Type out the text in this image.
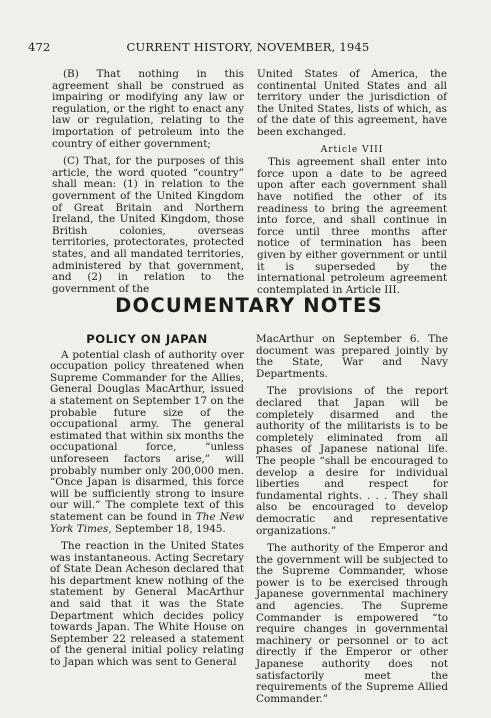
472	CURRENT HISTORY, NOVEMBER, 1945

(B) That nothing in this agreement shall be construed as impairing or modifying any law or regulation, or the right to enact any law or regulation, relating to the importation of petroleum into the country of either government;

(C) That, for the purposes of this article, the word quoted “country” shall mean: (1) in relation to the government of the United Kingdom of Great Britain and Northern Ireland, the United Kingdom, those British colonies, overseas territories, protectorates, protected states, and all mandated territories, administered by that government, and (2) in relation to the government of the

United States of America, the continental United States and all territory under the jurisdiction of the United States, lists of which, as of the date of this agreement, have been exchanged.

Article VIII

This agreement shall enter into force upon a date to be agreed upon after each government shall have notified the other of its readiness to bring the agreement into force, and shall continue in force until three months after notice of termination has been given by either government or until it is superseded by the international petroleum agreement contemplated in Article III.

DOCUMENTARY NOTES
POLICY ON JAPAN

A potential clash of authority over occupation policy threatened when Supreme Commander for the Allies, General Douglas MacArthur, issued a statement on September 17 on the probable future size of the occupational army. The general estimated that within six months the occupational force, “unless unforeseen factors arise,” will probably number only 200,000 men. “Once Japan is disarmed, this force will be sufficiently strong to insure our will.” The complete text of this statement can be found in The New York Times, September 18, 1945.

The reaction in the United States was instantaneous. Acting Secretary of State Dean Acheson declared that his department knew nothing of the statement by General MacArthur and said that it was the State Department which decides policy towards Japan. The White House on September 22 released a statement of the general initial policy relating to Japan which was sent to General

MacArthur on September 6. The document was prepared jointly by the State, War and Navy Departments.

The provisions of the report declared that Japan will be completely disarmed and the authority of the militarists is to be completely eliminated from all phases of Japanese national life. The people “shall be encouraged to develop a desire for individual liberties and respect for fundamental rights. . . . They shall also be encouraged to develop democratic and representative organizations.”

The authority of the Emperor and the government will be subjected to the Supreme Commander, whose power is to be exercised through Japanese governmental machinery and agencies. The Supreme Commander is empowered “to require changes in governmental machinery or personnel or to act directly if the Emperor or other Japanese authority does not satisfactorily meet the requirements of the Supreme Allied Commander.”
